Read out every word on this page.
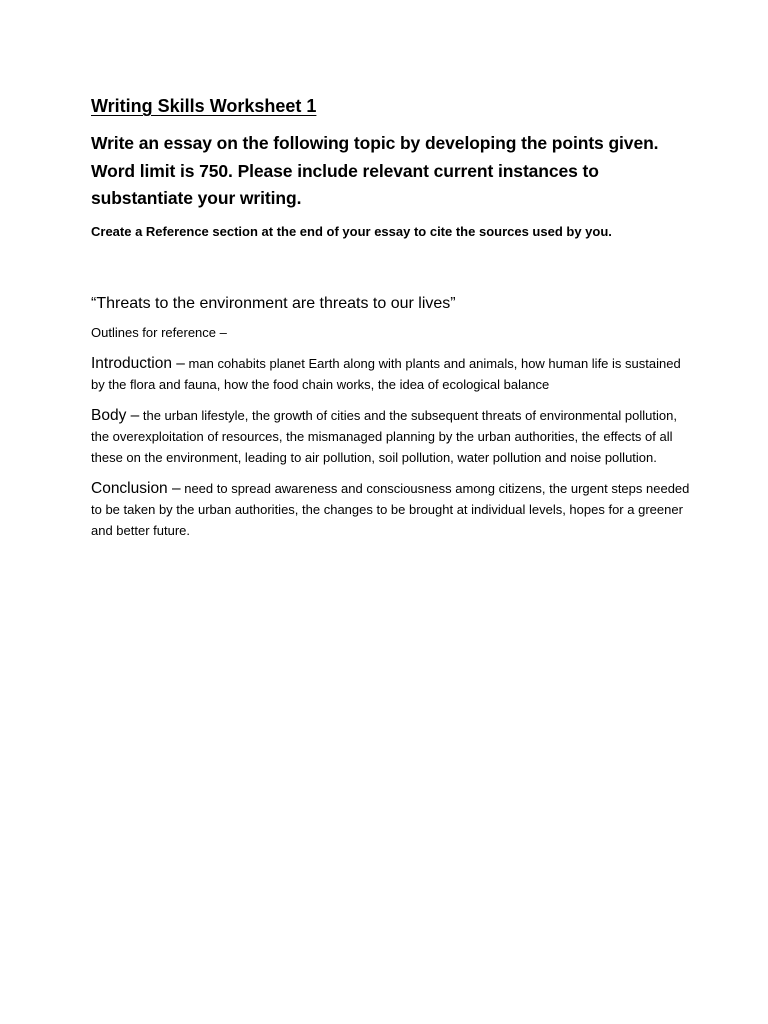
Writing Skills Worksheet 1

Write an essay on the following topic by developing the points given. Word limit is 750. Please include relevant current instances to substantiate your writing.

Create a Reference section at the end of your essay to cite the sources used by you.

“Threats to the environment are threats to our lives”

Outlines for reference –

Introduction – man cohabits planet Earth along with plants and animals, how human life is sustained by the flora and fauna, how the food chain works, the idea of ecological balance

Body – the urban lifestyle, the growth of cities and the subsequent threats of environmental pollution, the overexploitation of resources, the mismanaged planning by the urban authorities, the effects of all these on the environment, leading to air pollution, soil pollution, water pollution and noise pollution.

Conclusion – need to spread awareness and consciousness among citizens, the urgent steps needed to be taken by the urban authorities, the changes to be brought at individual levels, hopes for a greener and better future.
